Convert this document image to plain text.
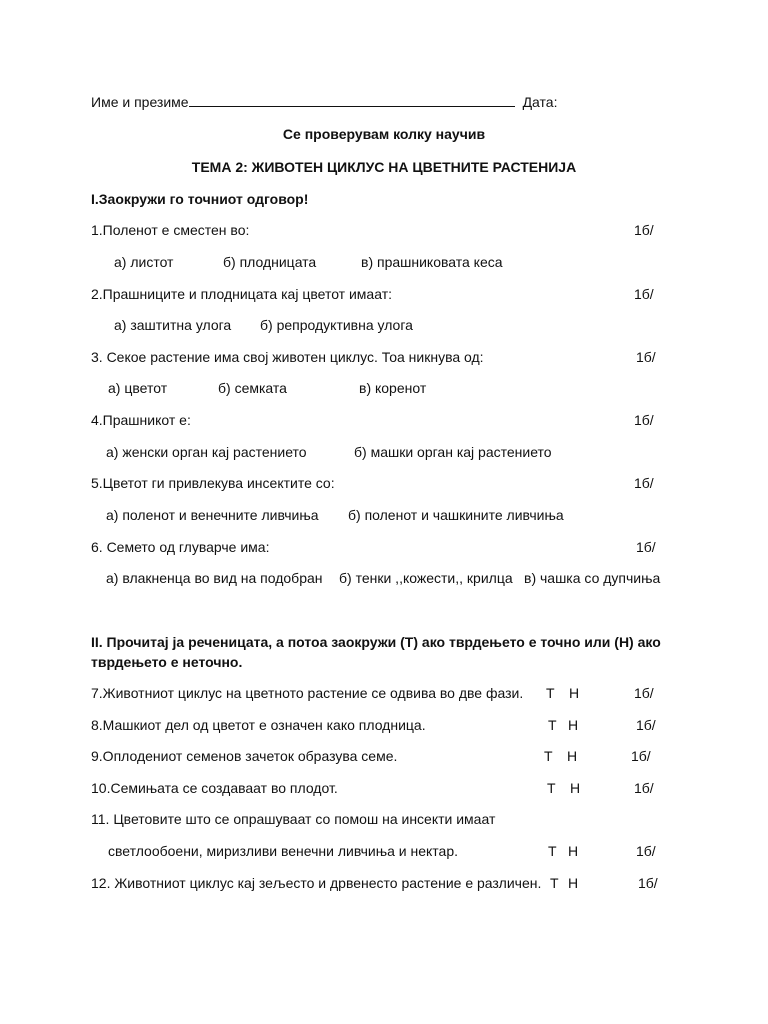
Име и презиме	Дата:
Се проверувам колку научив
ТЕМА 2: ЖИВОТЕН ЦИКЛУС НА ЦВЕТНИТЕ РАСТЕНИЈА
I.Заокружи го точниот одговор!
1.Поленот е сместен во:	1б/
а) листот	б) плодницата	в) прашниковата кеса
2.Прашниците и плодницата кај цветот имаат:	1б/
а) заштитна улога б) репродуктивна улога
3. Секое растение има свој животен циклус. Тоа никнува од:	1б/
а) цветот	б) семката	в) коренот
4.Прашникот е:	1б/
а) женски орган кај растението	б) машки орган кај растението
5.Цветот ги привлекува инсектите со:	1б/
а) поленот и венечните ливчиња б) поленот и чашкините ливчиња
6. Семето од глуварче има:	1б/
а) влакненца во вид на подобран б) тенки ,,кожести,, крилца в) чашка со дупчиња
II. Прочитај ја реченицата, а потоа заокружи (Т) ако тврдењето е точно или (Н) ако
тврдењето е неточно.
7.Животниот циклус на цветното растение се одвива во две фази. Т Н	1б/
8.Машкиот дел од цветот е означен како плодница.	Т Н	1б/
9.Оплодениот семенов зачеток образува семе.	Т Н	1б/
10.Семињата се создаваат во плодот.	Т Н	1б/
11. Цветовите што се опрашуваат со помош на инсекти имаат
светлообоени, миризливи венечни ливчиња и нектар.	Т Н	1б/
12. Животниот циклус кај зељесто и дрвенесто растение е различен. Т Н	1б/
